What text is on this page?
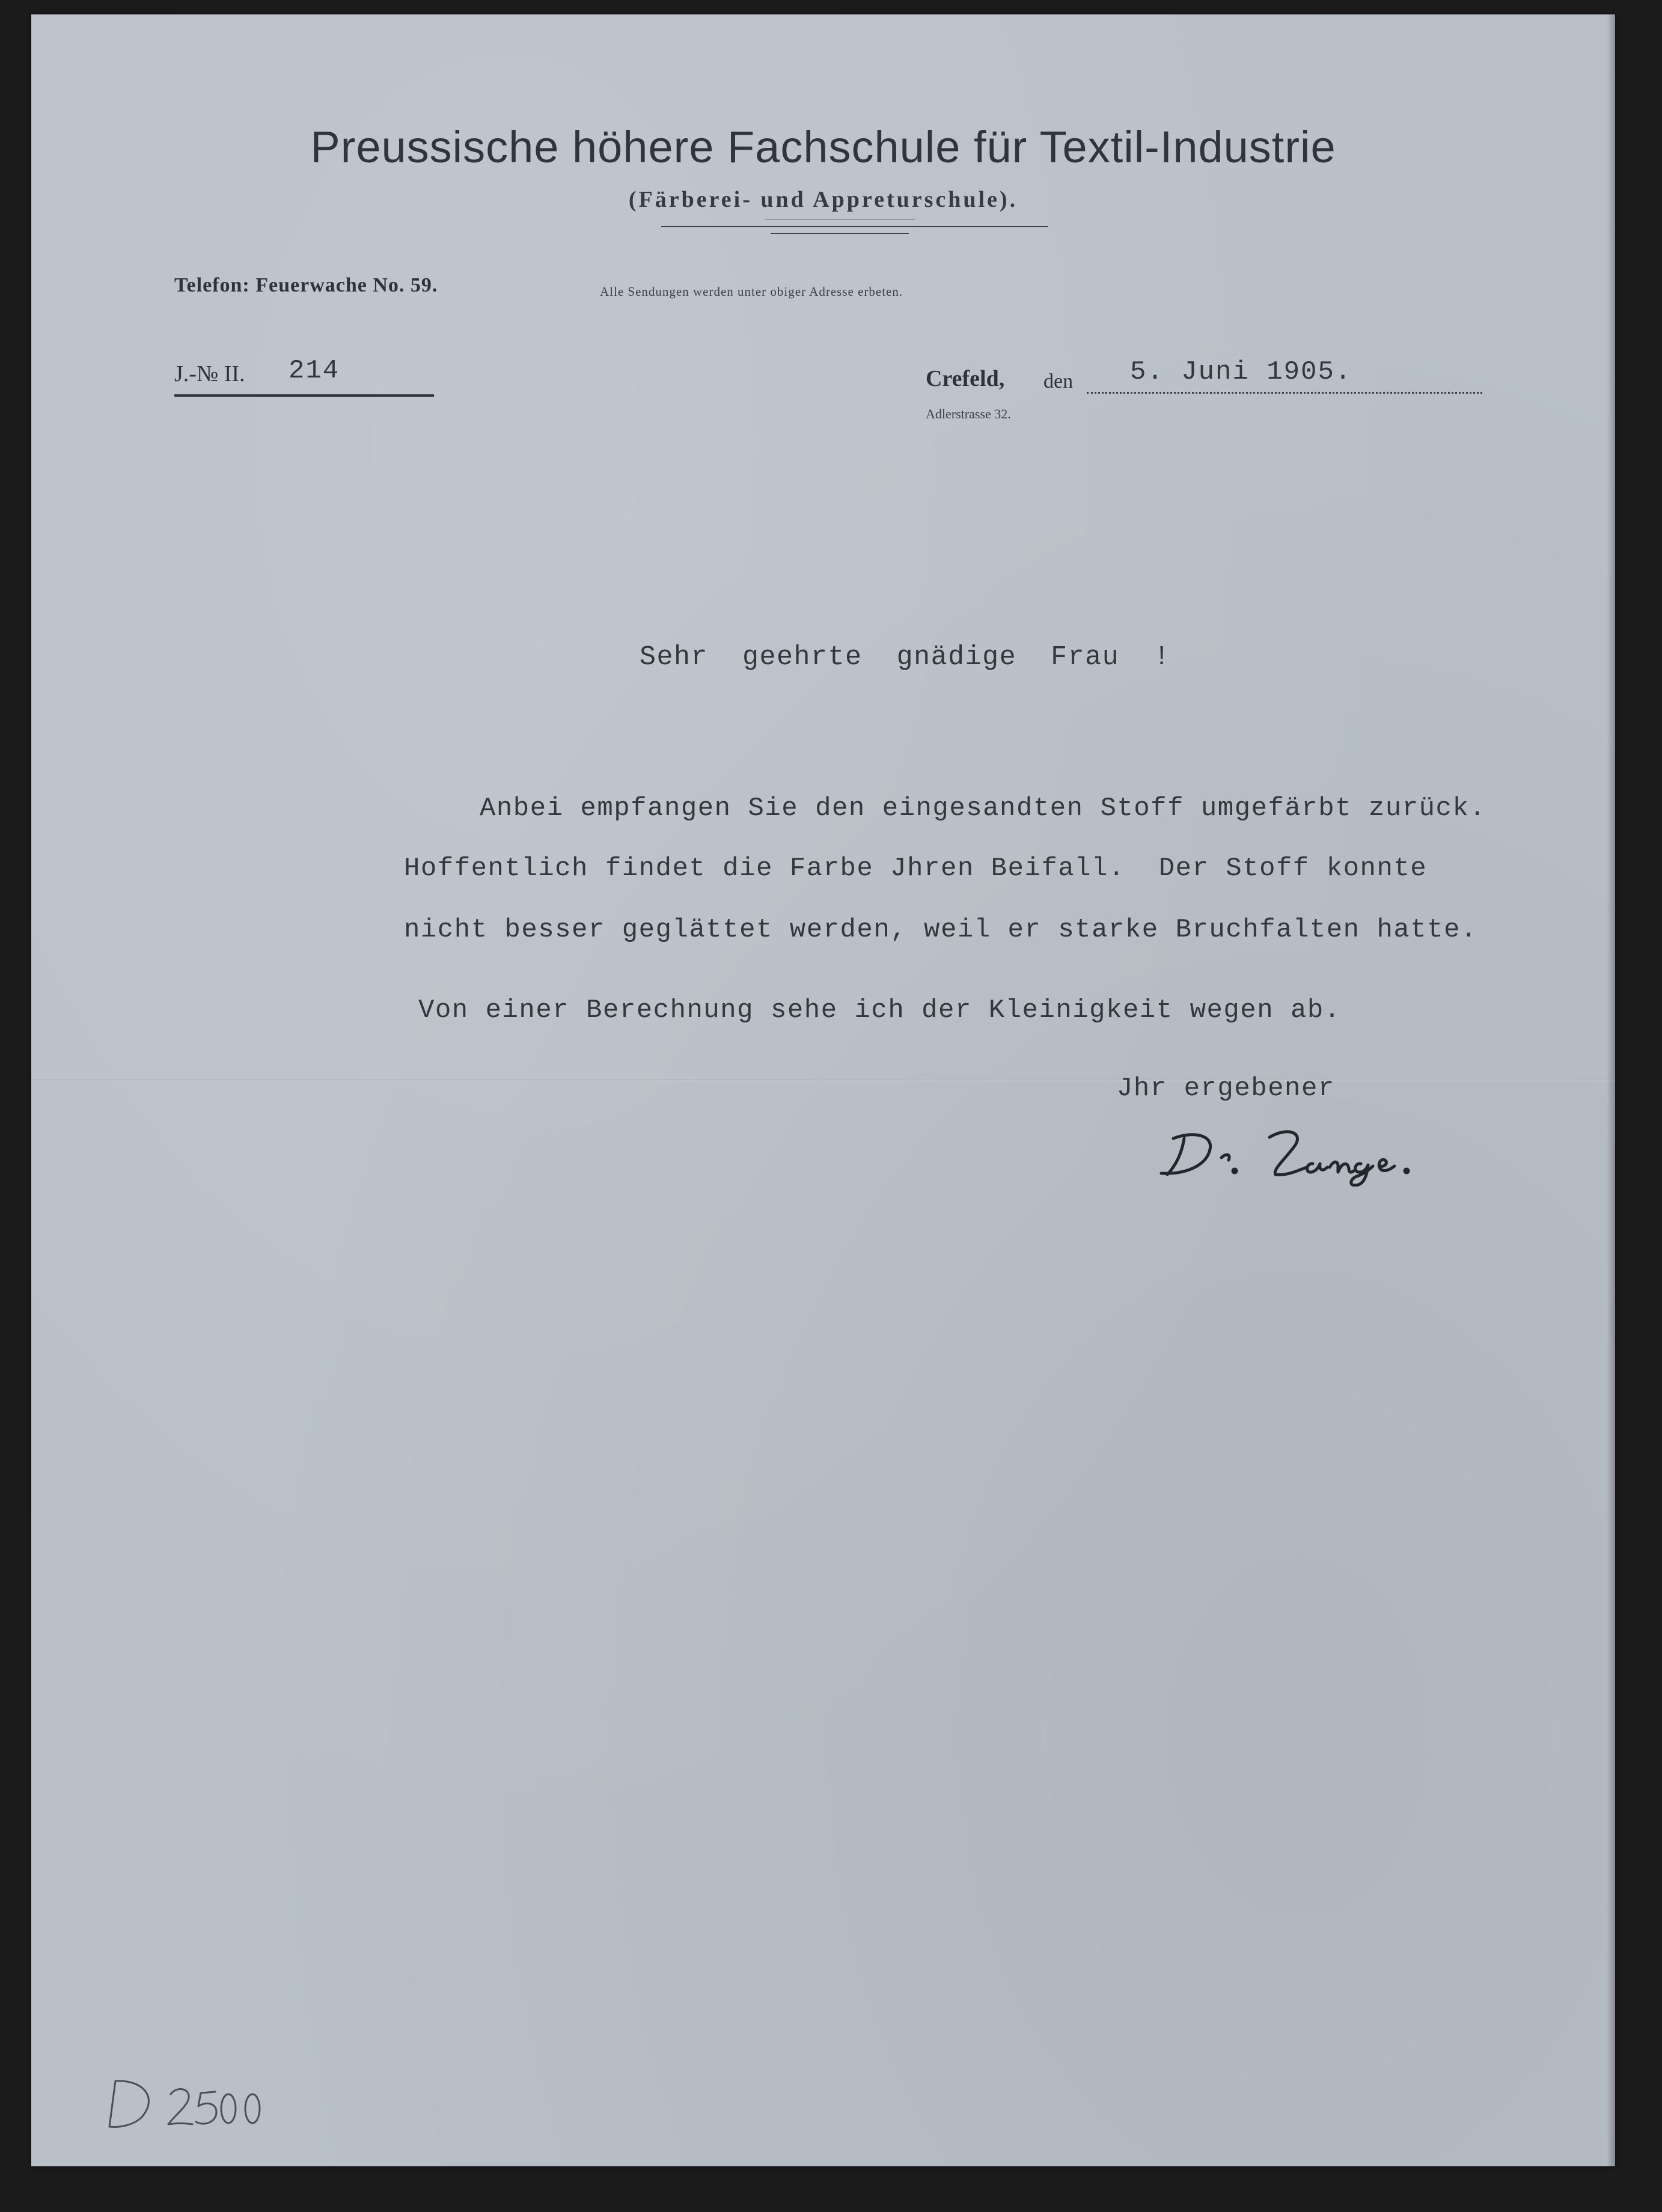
Preussische höhere Fachschule für Textil-Industrie
(Färberei- und Appreturschule).
Telefon: Feuerwache No. 59.	Alle Sendungen werden unter obiger Adresse erbeten.
J.-№ II. 214	Crefeld, den 5. Juni 1905.
Adlerstrasse 32.
Sehr  geehrte  gnädige  Frau  !
Anbei empfangen Sie den eingesandten Stoff umgefärbt zurück.
Hoffentlich findet die Farbe Jhren Beifall.  Der Stoff konnte
nicht besser geglättet werden, weil er starke Bruchfalten hatte.
Von einer Berechnung sehe ich der Kleinigkeit wegen ab.
Jhr ergebener
